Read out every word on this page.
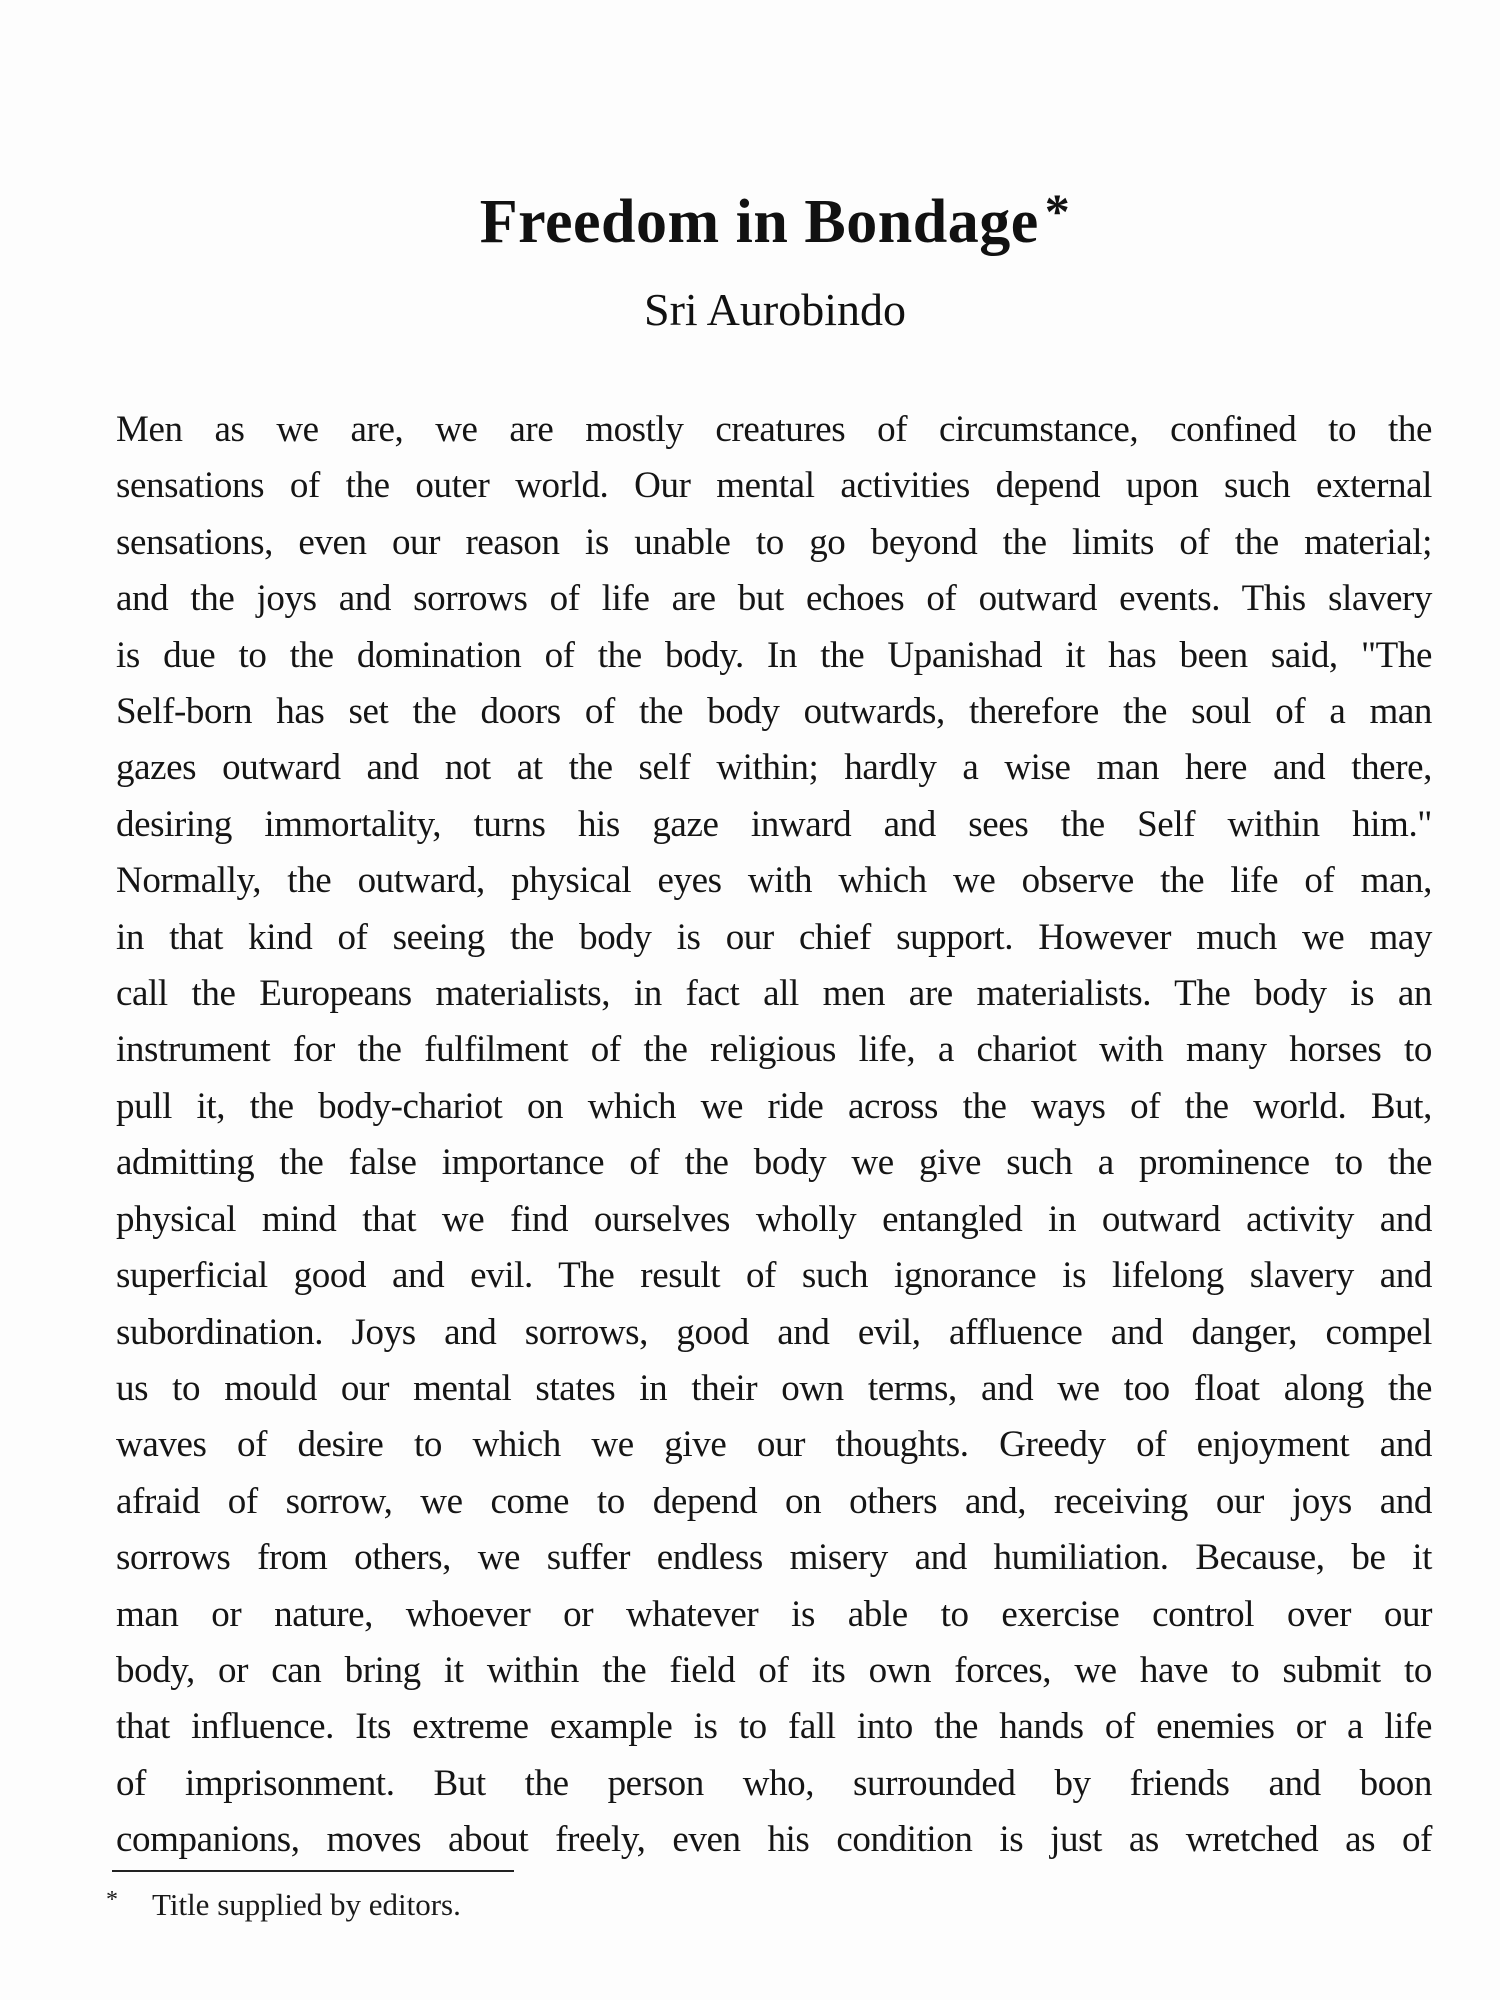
Freedom in Bondage *
Sri Aurobindo

Men as we are, we are mostly creatures of circumstance, confined to the
sensations of the outer world. Our mental activities depend upon such external
sensations, even our reason is unable to go beyond the limits of the material;
and the joys and sorrows of life are but echoes of outward events. This slavery
is due to the domination of the body. In the Upanishad it has been said, "The
Self-born has set the doors of the body outwards, therefore the soul of a man
gazes outward and not at the self within; hardly a wise man here and there,
desiring immortality, turns his gaze inward and sees the Self within him."
Normally, the outward, physical eyes with which we observe the life of man,
in that kind of seeing the body is our chief support. However much we may
call the Europeans materialists, in fact all men are materialists. The body is an
instrument for the fulfilment of the religious life, a chariot with many horses to
pull it, the body-chariot on which we ride across the ways of the world. But,
admitting the false importance of the body we give such a prominence to the
physical mind that we find ourselves wholly entangled in outward activity and
superficial good and evil. The result of such ignorance is lifelong slavery and
subordination. Joys and sorrows, good and evil, affluence and danger, compel
us to mould our mental states in their own terms, and we too float along the
waves of desire to which we give our thoughts. Greedy of enjoyment and
afraid of sorrow, we come to depend on others and, receiving our joys and
sorrows from others, we suffer endless misery and humiliation. Because, be it
man or nature, whoever or whatever is able to exercise control over our
body, or can bring it within the field of its own forces, we have to submit to
that influence. Its extreme example is to fall into the hands of enemies or a life
of imprisonment. But the person who, surrounded by friends and boon
companions, moves about freely, even his condition is just as wretched as of

* Title supplied by editors.
